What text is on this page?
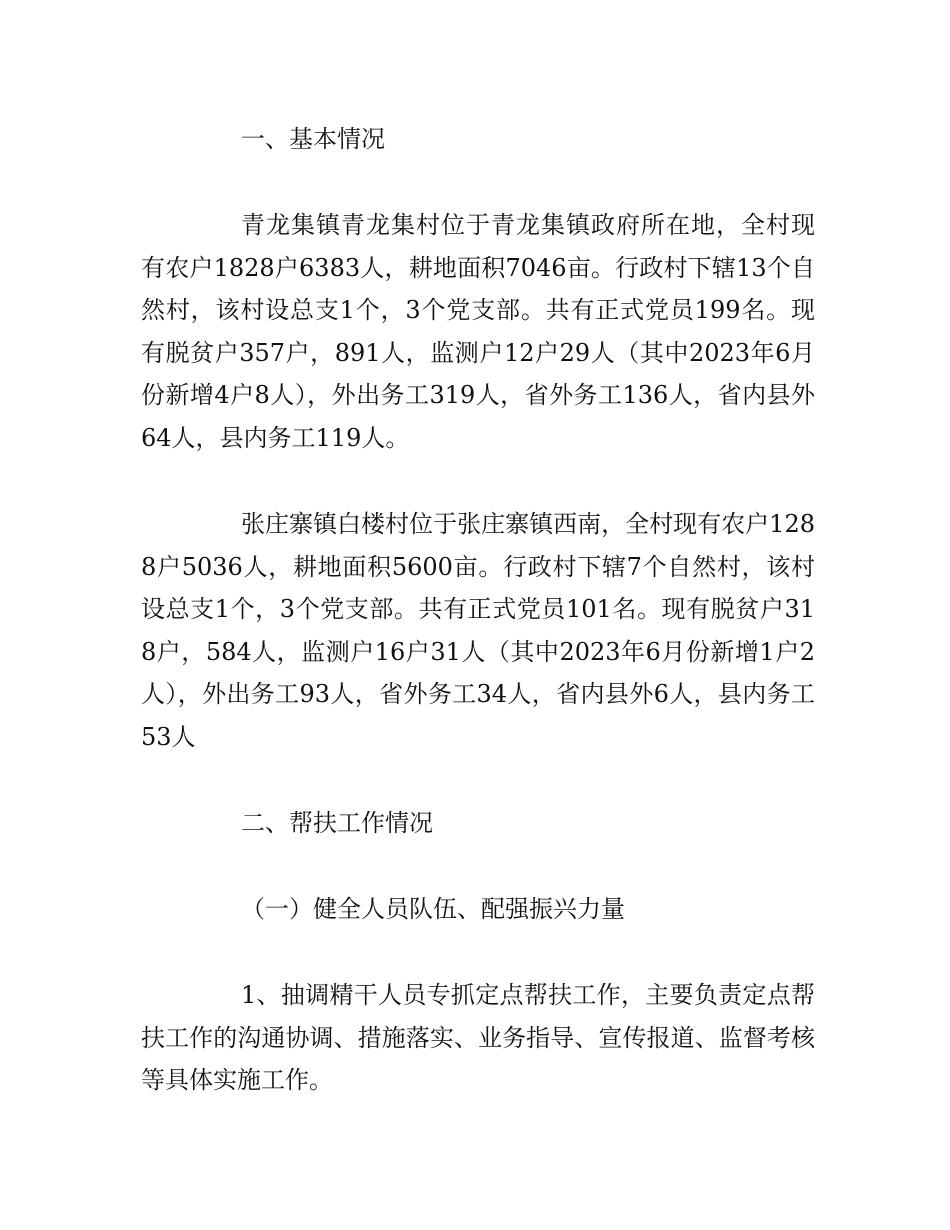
一、基本情况

青龙集镇青龙集村位于青龙集镇政府所在地，全村现有农户1828户6383人，耕地面积7046亩。行政村下辖13个自然村，该村设总支1个，3个党支部。共有正式党员199名。现有脱贫户357户，891人，监测户12户29人（其中2023年6月份新增4户8人），外出务工319人，省外务工136人，省内县外64人，县内务工119人。

张庄寨镇白楼村位于张庄寨镇西南，全村现有农户1288户5036人，耕地面积5600亩。行政村下辖7个自然村，该村设总支1个，3个党支部。共有正式党员101名。现有脱贫户318户，584人，监测户16户31人（其中2023年6月份新增1户2人），外出务工93人，省外务工34人，省内县外6人，县内务工53人

二、帮扶工作情况
（一）健全人员队伍、配强振兴力量

1、抽调精干人员专抓定点帮扶工作，主要负责定点帮扶工作的沟通协调、措施落实、业务指导、宣传报道、监督考核等具体实施工作。
